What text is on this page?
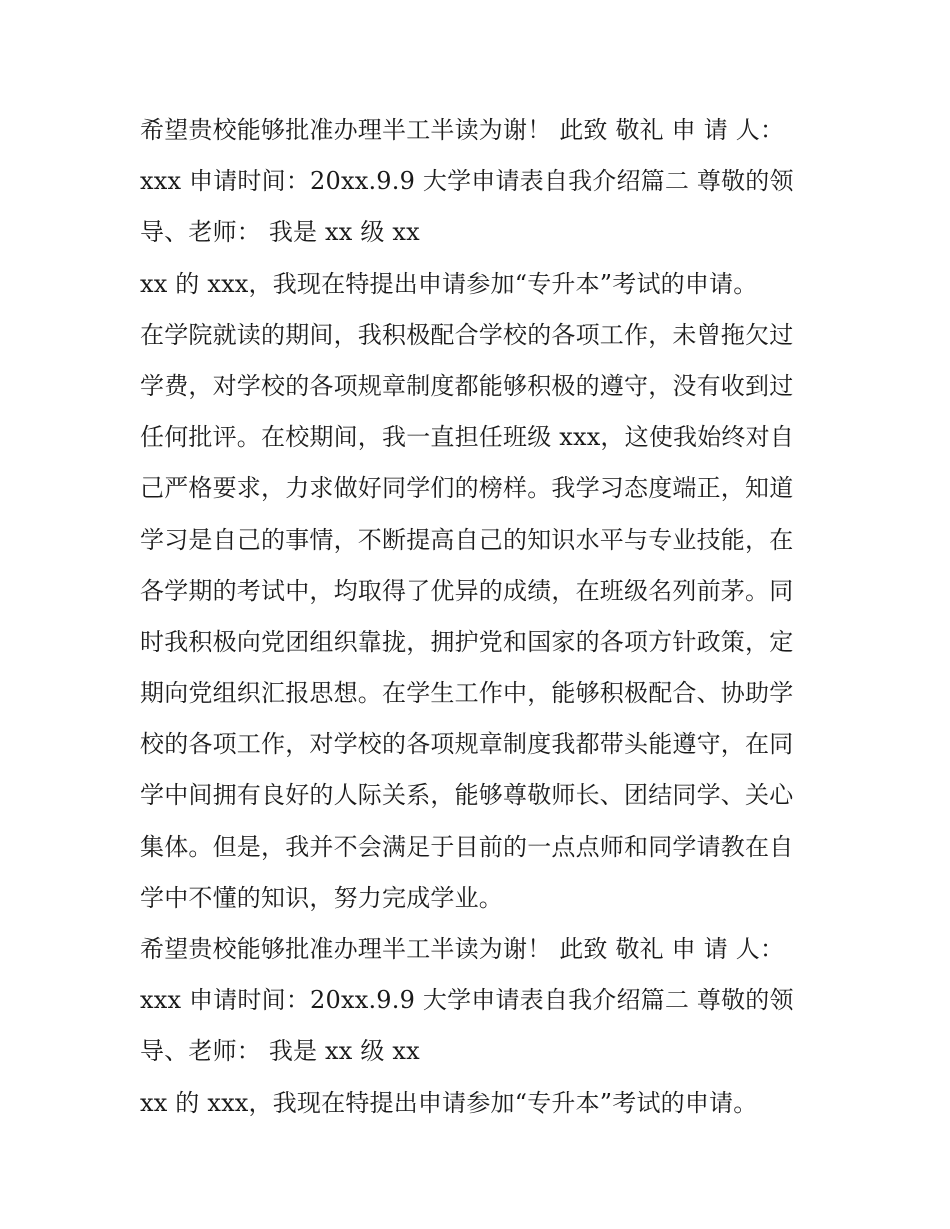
希望贵校能够批准办理半工半读为谢！ 此致 敬礼 申 请 人：
xxx 申请时间：20xx.9.9 大学申请表自我介绍篇二 尊敬的领
导、老师： 我是 xx 级 xx
xx 的 xxx，我现在特提出申请参加“专升本”考试的申请。
在学院就读的期间，我积极配合学校的各项工作，未曾拖欠过
学费，对学校的各项规章制度都能够积极的遵守，没有收到过
任何批评。在校期间，我一直担任班级 xxx，这使我始终对自
己严格要求，力求做好同学们的榜样。我学习态度端正，知道
学习是自己的事情，不断提高自己的知识水平与专业技能，在
各学期的考试中，均取得了优异的成绩，在班级名列前茅。同
时我积极向党团组织靠拢，拥护党和国家的各项方针政策，定
期向党组织汇报思想。在学生工作中，能够积极配合、协助学
校的各项工作，对学校的各项规章制度我都带头能遵守，在同
学中间拥有良好的人际关系，能够尊敬师长、团结同学、关心
集体。但是，我并不会满足于目前的一点点师和同学请教在自
学中不懂的知识，努力完成学业。
希望贵校能够批准办理半工半读为谢！ 此致 敬礼 申 请 人：
xxx 申请时间：20xx.9.9 大学申请表自我介绍篇二 尊敬的领
导、老师： 我是 xx 级 xx
xx 的 xxx，我现在特提出申请参加“专升本”考试的申请。
